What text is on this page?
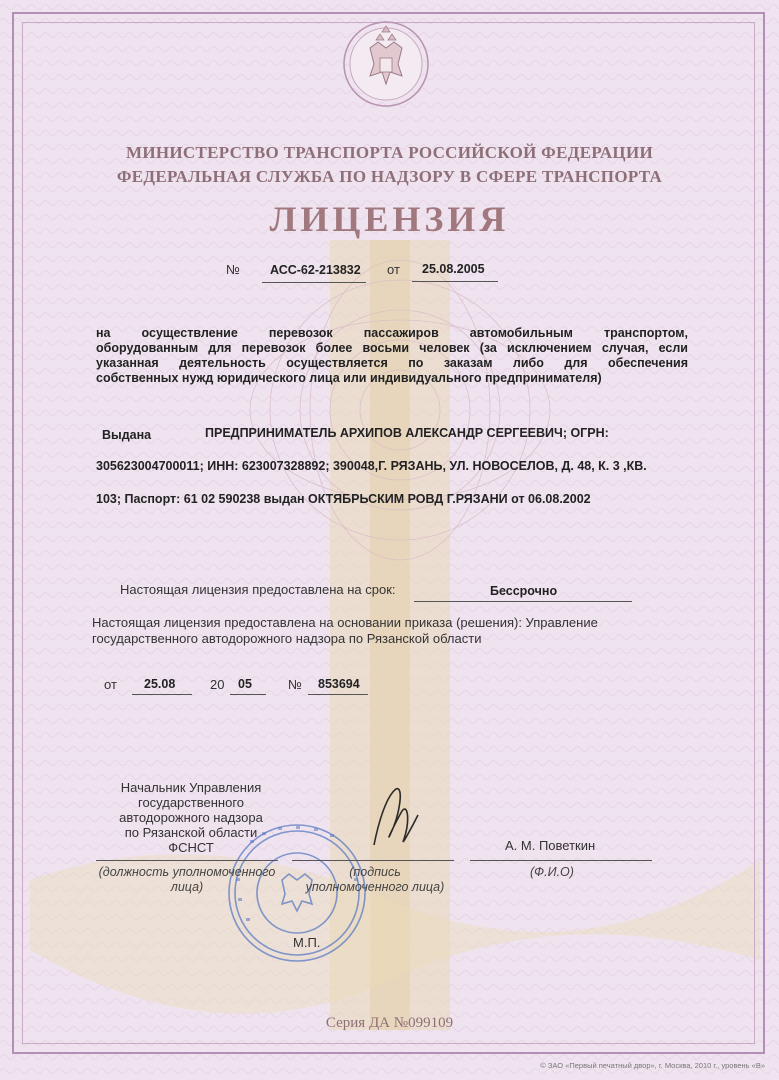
МИНИСТЕРСТВО ТРАНСПОРТА РОССИЙСКОЙ ФЕДЕРАЦИИ
ФЕДЕРАЛЬНАЯ СЛУЖБА ПО НАДЗОРУ В СФЕРЕ ТРАНСПОРТА
ЛИЦЕНЗИЯ
№ АСС-62-213832 от 25.08.2005
на осуществление перевозок пассажиров автомобильным транспортом,
оборудованным для перевозок более восьми человек (за исключением случая, если
указанная деятельность осуществляется по заказам либо для обеспечения
собственных нужд юридического лица или индивидуального предпринимателя)
Выдана	ПРЕДПРИНИМАТЕЛЬ АРХИПОВ АЛЕКСАНДР СЕРГЕЕВИЧ; ОГРН:
305623004700011; ИНН: 623007328892; 390048,Г. РЯЗАНЬ, УЛ. НОВОСЕЛОВ, Д. 48, К. 3 ,КВ.
103; Паспорт: 61 02 590238 выдан ОКТЯБРЬСКИМ РОВД Г.РЯЗАНИ от 06.08.2002
Настоящая лицензия предоставлена на срок:	Бессрочно
Настоящая лицензия предоставлена на основании приказа (решения): Управление
государственного автодорожного надзора по Рязанской области
от 25.08	20 05	№ 853694
Начальник Управления
государственного
автодорожного надзора
по Рязанской области
ФСНСТ	А. М. Поветкин
(должность уполномоченного
лица)
(подпись
уполномоченного лица)
(Ф.И.О)
М.П.
Серия ДА №099109
© ЗАО «Первый печатный двор», г. Москва, 2010 г., уровень «В»
